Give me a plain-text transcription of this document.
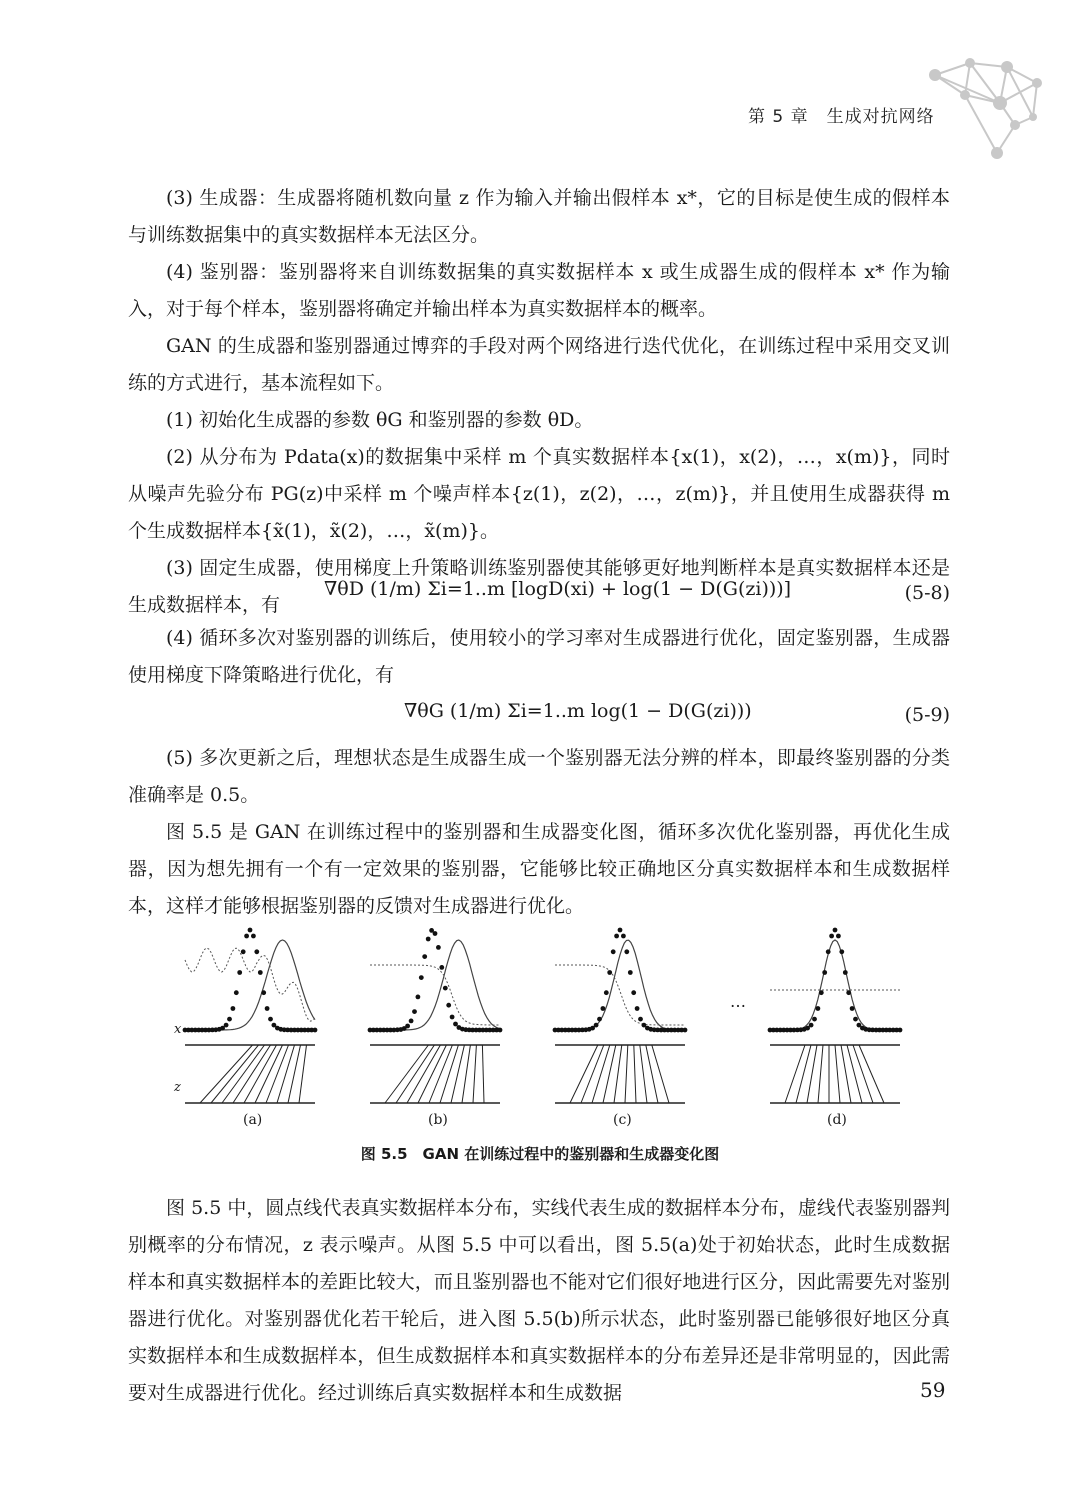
第 5 章　生成对抗网络

(3) 生成器：生成器将随机数向量 z 作为输入并输出假样本 x*，它的目标是使生成的假样本与训练数据集中的真实数据样本无法区分。

(4) 鉴别器：鉴别器将来自训练数据集的真实数据样本 x 或生成器生成的假样本 x* 作为输入，对于每个样本，鉴别器将确定并输出样本为真实数据样本的概率。

GAN 的生成器和鉴别器通过博弈的手段对两个网络进行迭代优化，在训练过程中采用交叉训练的方式进行，基本流程如下。

(1) 初始化生成器的参数 θG 和鉴别器的参数 θD。

(2) 从分布为 Pdata(x)的数据集中采样 m 个真实数据样本{x(1)，x(2)，…，x(m)}，同时从噪声先验分布 PG(z)中采样 m 个噪声样本{z(1)，z(2)，…，z(m)}，并且使用生成器获得 m 个生成数据样本{x̃(1)，x̃(2)，…，x̃(m)}。

(3) 固定生成器，使用梯度上升策略训练鉴别器使其能够更好地判断样本是真实数据样本还是生成数据样本，有

∇θD (1/m) Σi=1..m [logD(xi) + log(1 − D(G(zi)))]	(5-8)

(4) 循环多次对鉴别器的训练后，使用较小的学习率对生成器进行优化，固定鉴别器，生成器使用梯度下降策略进行优化，有

∇θG (1/m) Σi=1..m log(1 − D(G(zi)))	(5-9)

(5) 多次更新之后，理想状态是生成器生成一个鉴别器无法分辨的样本，即最终鉴别器的分类准确率是 0.5。

图 5.5 是 GAN 在训练过程中的鉴别器和生成器变化图，循环多次优化鉴别器，再优化生成器，因为想先拥有一个有一定效果的鉴别器，它能够比较正确地区分真实数据样本和生成数据样本，这样才能够根据鉴别器的反馈对生成器进行优化。

x
z
…
(a)	(b)	(c)	(d)
图 5.5　GAN 在训练过程中的鉴别器和生成器变化图

图 5.5 中，圆点线代表真实数据样本分布，实线代表生成的数据样本分布，虚线代表鉴别器判别概率的分布情况，z 表示噪声。从图 5.5 中可以看出，图 5.5(a)处于初始状态，此时生成数据样本和真实数据样本的差距比较大，而且鉴别器也不能对它们很好地进行区分，因此需要先对鉴别器进行优化。对鉴别器优化若干轮后，进入图 5.5(b)所示状态，此时鉴别器已能够很好地区分真实数据样本和生成数据样本，但生成数据样本和真实数据样本的分布差异还是非常明显的，因此需要对生成器进行优化。经过训练后真实数据样本和生成数据	59
